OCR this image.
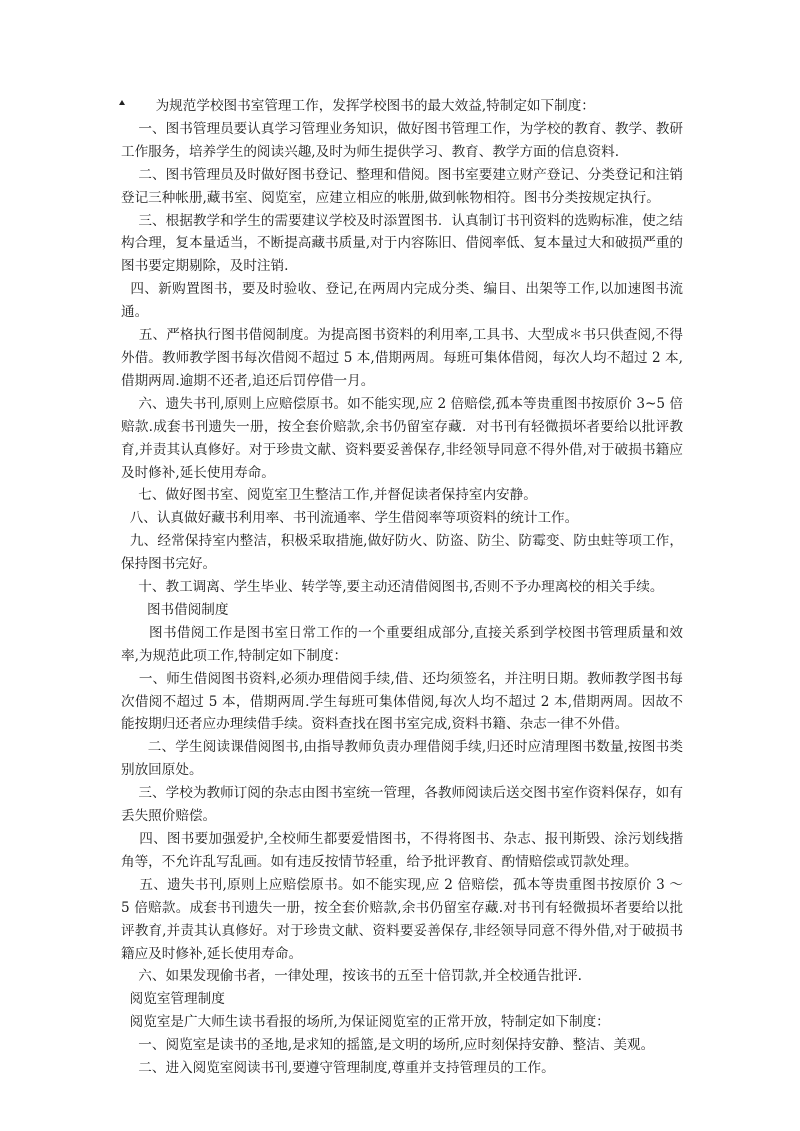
为规范学校图书室管理工作，发挥学校图书的最大效益,特制定如下制度：

一、图书管理员要认真学习管理业务知识，做好图书管理工作，为学校的教育、教学、教研工作服务，培养学生的阅读兴趣,及时为师生提供学习、教育、教学方面的信息资料.

二、图书管理员及时做好图书登记、整理和借阅。图书室要建立财产登记、分类登记和注销登记三种帐册,藏书室、阅览室，应建立相应的帐册,做到帐物相符。图书分类按规定执行。

三、根据教学和学生的需要建议学校及时添置图书．认真制订书刊资料的选购标准，使之结构合理，复本量适当，不断提高藏书质量,对于内容陈旧、借阅率低、复本量过大和破损严重的图书要定期剔除，及时注销.

四、新购置图书，要及时验收、登记,在两周内完成分类、编目、出架等工作,以加速图书流通。

五、严格执行图书借阅制度。为提高图书资料的利用率,工具书、大型成＊书只供查阅,不得外借。教师教学图书每次借阅不超过 5 本,借期两周。每班可集体借阅，每次人均不超过 2 本,借期两周.逾期不还者,追还后罚停借一月。

六、遗失书刊,原则上应赔偿原书。如不能实现,应 2 倍赔偿,孤本等贵重图书按原价 3~5 倍赔款.成套书刊遗失一册，按全套价赔款,余书仍留室存藏．对书刊有轻微损坏者要给以批评教育,并责其认真修好。对于珍贵文献、资料要妥善保存,非经领导同意不得外借,对于破损书籍应及时修补,延长使用寿命。

七、做好图书室、阅览室卫生整洁工作,并督促读者保持室内安静。

八、认真做好藏书利用率、书刊流通率、学生借阅率等项资料的统计工作。

九、经常保持室内整洁，积极采取措施,做好防火、防盗、防尘、防霉变、防虫蛀等项工作，保持图书完好。

十、教工调离、学生毕业、转学等,要主动还清借阅图书,否则不予办理离校的相关手续。

图书借阅制度

图书借阅工作是图书室日常工作的一个重要组成部分,直接关系到学校图书管理质量和效率,为规范此项工作,特制定如下制度：

一、师生借阅图书资料,必须办理借阅手续,借、还均须签名，并注明日期。教师教学图书每次借阅不超过 5 本，借期两周.学生每班可集体借阅,每次人均不超过 2 本,借期两周。因故不能按期归还者应办理续借手续。资料查找在图书室完成,资料书籍、杂志一律不外借。

二、学生阅读课借阅图书,由指导教师负责办理借阅手续,归还时应清理图书数量,按图书类别放回原处。

三、学校为教师订阅的杂志由图书室统一管理，各教师阅读后送交图书室作资料保存，如有丢失照价赔偿。

四、图书要加强爱护,全校师生都要爱惜图书，不得将图书、杂志、报刊斯毁、涂污划线揩角等，不允许乱写乱画。如有违反按情节轻重，给予批评教育、酌情赔偿或罚款处理。

五、遗失书刊,原则上应赔偿原书。如不能实现,应 2 倍赔偿，孤本等贵重图书按原价 3 ～ 5 倍赔款。成套书刊遗失一册，按全套价赔款,余书仍留室存藏.对书刊有轻微损坏者要给以批评教育,并责其认真修好。对于珍贵文献、资料要妥善保存,非经领导同意不得外借,对于破损书籍应及时修补,延长使用寿命。

六、如果发现偷书者，一律处理，按该书的五至十倍罚款,并全校通告批评.

阅览室管理制度

阅览室是广大师生读书看报的场所,为保证阅览室的正常开放，特制定如下制度：

一、阅览室是读书的圣地,是求知的摇篮,是文明的场所,应时刻保持安静、整洁、美观。

二、进入阅览室阅读书刊,要遵守管理制度,尊重并支持管理员的工作。
